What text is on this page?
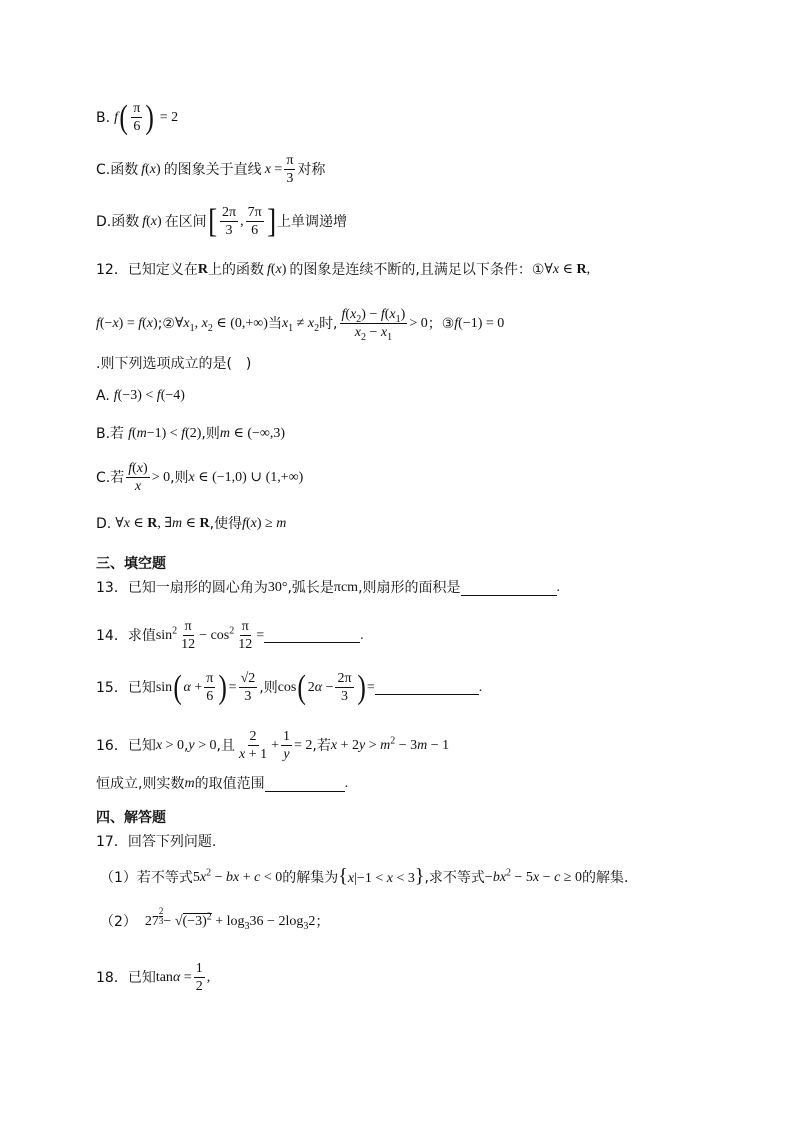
B. f ( $\frac{\pi}{6}$ ) = 2
C.函数 f(x) 的图象关于直线 $x = \frac{\pi}{3}$ 对称
D.函数 f(x) 在区间 [ $\frac{2\pi}{3}$ , $\frac{7\pi}{6}$ ] 上单调递增
12．已知定义在 R 上的函数 f(x) 的图象是连续不断的,且满足以下条件：① ∀x ∈ R,
f(−x) = f(x) ;② $\forall x_1$, $x_2$ ∈ (0,+∞) 当 $x_1 \ne x_2$ 时, $\frac{f(x_2) - f(x_1)}{x_2 - x_1} > 0$ ；③ f(−1) = 0
.则下列选项成立的是(　)
A. f(−3) < f(−4)
B.若 f(m−1) < f(2) ,则 m ∈ (−∞,3)
C.若 $\frac{f(x)}{x} > 0$ ,则 x ∈ (−1,0) ∪ (1,+∞)
D. ∀x ∈ R, ∃m ∈ R ,使得 f(x) ≥ m
三、填空题
13．已知一扇形的圆心角为 30° ,弧长是 πcm ,则扇形的面积是	.
14．求值 $\sin^2 \frac{\pi}{12} - \cos^2 \frac{\pi}{12}$ =	.
15．已知 sin ( $\alpha + \frac{\pi}{6}$ ) = $\frac{√2}{3}$ ,则 cos ( $2\alpha - \frac{2\pi}{3}$ ) =	.
16．已知 x > 0 , y > 0 ,且 $\frac{2}{x + 1} + \frac{1}{y} = 2$ ,若 $x + 2y > m^2 - 3m - 1$
恒成立,则实数 m 的取值范围	.
四、解答题
17．回答下列问题.
（1）若不等式 $5x^2$ − bx + c < 0 的解集为 {x|−1 < x < 3} ,求不等式 $-bx^2 - 5x - c \ge 0$ 的解集.
（2） 27 $^{\frac{2}{3}} - √(-3)^2 + \log_336 - 2\log_32$ ；
18．已知 $\tan\alpha = \frac{1}{2}$ ,
